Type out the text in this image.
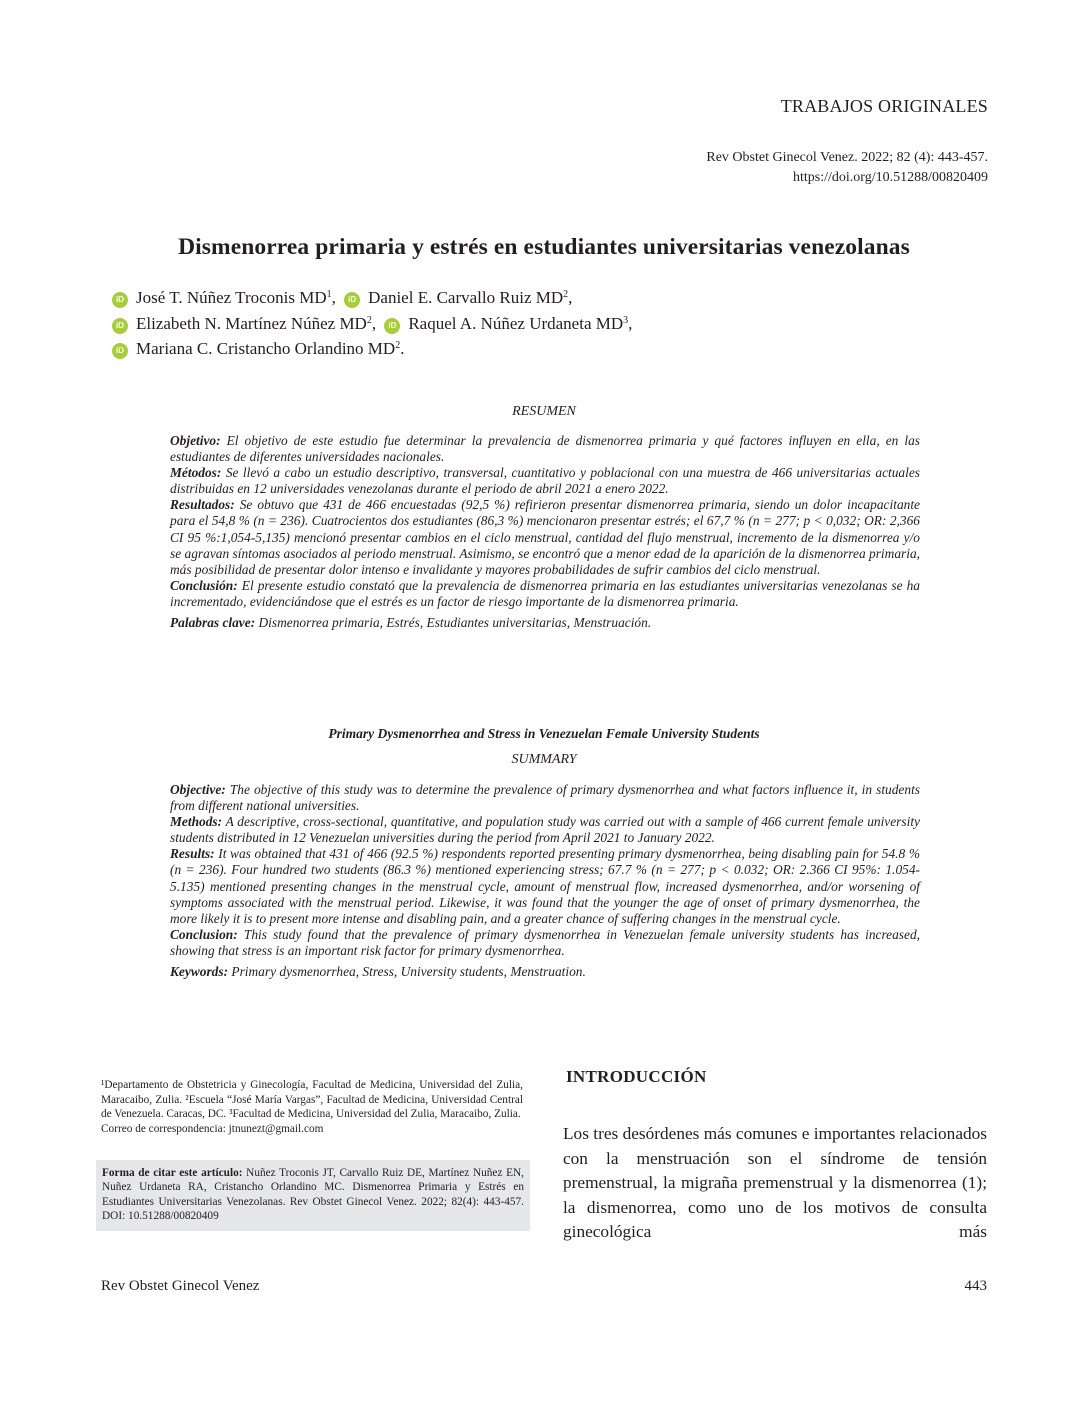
TRABAJOS ORIGINALES
Rev Obstet Ginecol Venez. 2022; 82 (4): 443-457.
https://doi.org/10.51288/00820409
Dismenorrea primaria y estrés en estudiantes universitarias venezolanas
iD José T. Núñez Troconis $MD^1$, iD Daniel E. Carvallo Ruiz $MD^2$,
iD Elizabeth N. Martínez Núñez $MD^2$, iD Raquel A. Núñez Urdaneta $MD^3$,
iD Mariana C. Cristancho Orlandino $MD^2$.
RESUMEN

Objetivo: El objetivo de este estudio fue determinar la prevalencia de dismenorrea primaria y qué factores influyen en ella, en las estudiantes de diferentes universidades nacionales.

Métodos: Se llevó a cabo un estudio descriptivo, transversal, cuantitativo y poblacional con una muestra de 466 universitarias actuales distribuidas en 12 universidades venezolanas durante el periodo de abril 2021 a enero 2022.

Resultados: Se obtuvo que 431 de 466 encuestadas (92,5 %) refirieron presentar dismenorrea primaria, siendo un dolor incapacitante para el 54,8 % (n = 236). Cuatrocientos dos estudiantes (86,3 %) mencionaron presentar estrés; el 67,7 % (n = 277; p < 0,032; OR: 2,366 CI 95 %:1,054-5,135) mencionó presentar cambios en el ciclo menstrual, cantidad del flujo menstrual, incremento de la dismenorrea y/o se agravan síntomas asociados al periodo menstrual. Asimismo, se encontró que a menor edad de la aparición de la dismenorrea primaria, más posibilidad de presentar dolor intenso e invalidante y mayores probabilidades de sufrir cambios del ciclo menstrual.

Conclusión: El presente estudio constató que la prevalencia de dismenorrea primaria en las estudiantes universitarias venezolanas se ha incrementado, evidenciándose que el estrés es un factor de riesgo importante de la dismenorrea primaria.

Palabras clave: Dismenorrea primaria, Estrés, Estudiantes universitarias, Menstruación.

Primary Dysmenorrhea and Stress in Venezuelan Female University Students
SUMMARY

Objective: The objective of this study was to determine the prevalence of primary dysmenorrhea and what factors influence it, in students from different national universities.

Methods: A descriptive, cross-sectional, quantitative, and population study was carried out with a sample of 466 current female university students distributed in 12 Venezuelan universities during the period from April 2021 to January 2022.

Results: It was obtained that 431 of 466 (92.5 %) respondents reported presenting primary dysmenorrhea, being disabling pain for 54.8 % (n = 236). Four hundred two students (86.3 %) mentioned experiencing stress; 67.7 % (n = 277; p < 0.032; OR: 2.366 CI 95%: 1.054-5.135) mentioned presenting changes in the menstrual cycle, amount of menstrual flow, increased dysmenorrhea, and/or worsening of symptoms associated with the menstrual period. Likewise, it was found that the younger the age of onset of primary dysmenorrhea, the more likely it is to present more intense and disabling pain, and a greater chance of suffering changes in the menstrual cycle.

Conclusion: This study found that the prevalence of primary dysmenorrhea in Venezuelan female university students has increased, showing that stress is an important risk factor for primary dysmenorrhea.

Keywords: Primary dysmenorrhea, Stress, University students, Menstruation.

¹Departamento de Obstetricia y Ginecología, Facultad de Medicina, Universidad del Zulia, Maracaibo, Zulia. ²Escuela “José María Vargas”, Facultad de Medicina, Universidad Central de Venezuela. Caracas, DC. ³Facultad de Medicina, Universidad del Zulia, Maracaibo, Zulia.
Correo de correspondencia: jtnunezt@gmail.com
Forma de citar este artículo: Nuñez Troconis JT, Carvallo Ruiz DE, Martínez Nuñez EN, Nuñez Urdaneta RA, Cristancho Orlandino MC. Dismenorrea Primaria y Estrés en Estudiantes Universitarias Venezolanas. Rev Obstet Ginecol Venez. 2022; 82(4): 443-457. DOI: 10.51288/00820409
INTRODUCCIÓN
Los tres desórdenes más comunes e importantes relacionados con la menstruación son el síndrome de tensión premenstrual, la migraña premenstrual y la dismenorrea (1); la dismenorrea, como uno de los motivos de consulta ginecológica más
Rev Obstet Ginecol Venez	443
